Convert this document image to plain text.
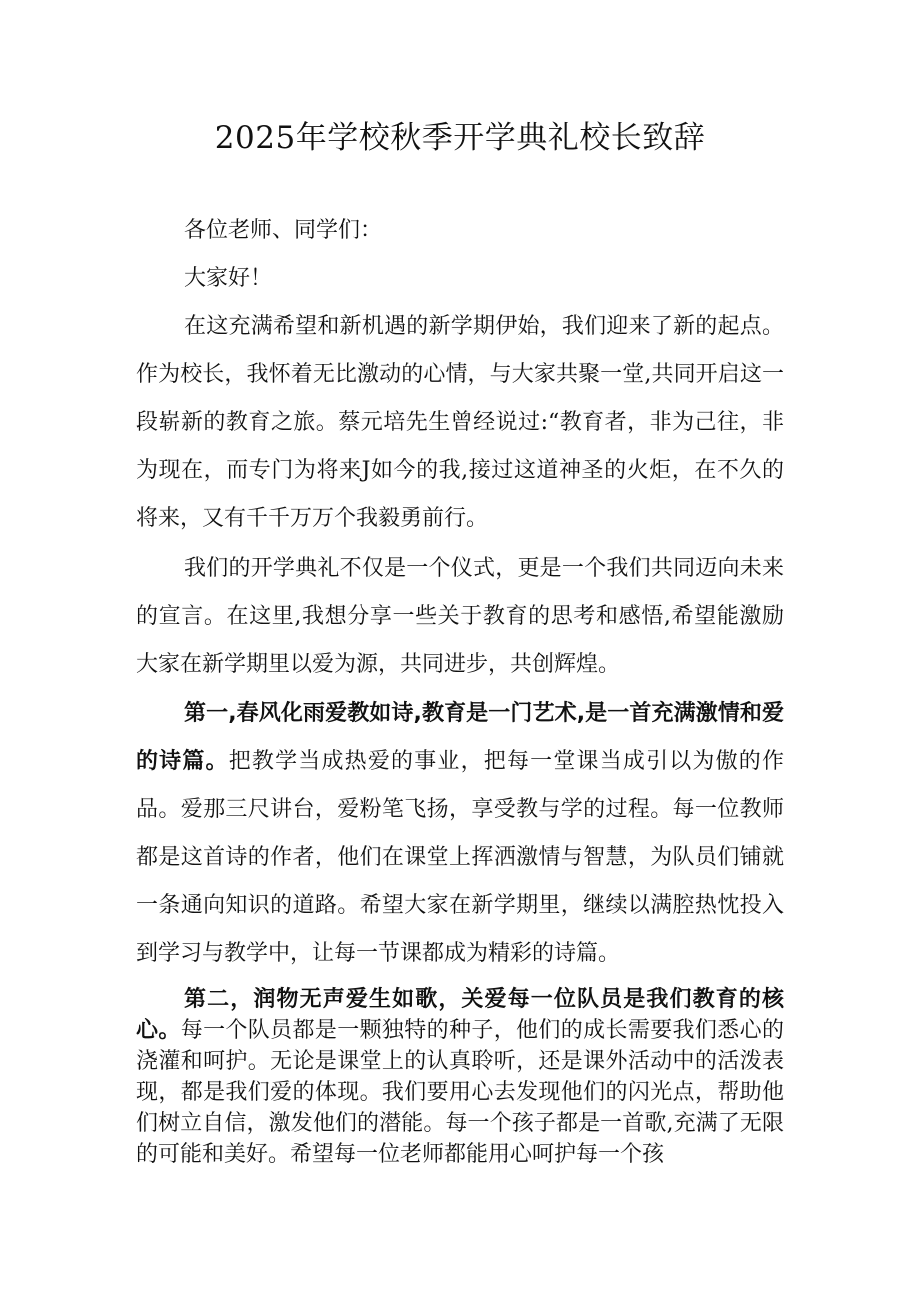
2025年学校秋季开学典礼校长致辞

各位老师、同学们：

大家好！

在这充满希望和新机遇的新学期伊始，我们迎来了新的起点。作为校长，我怀着无比激动的心情，与大家共聚一堂,共同开启这一段崭新的教育之旅。蔡元培先生曾经说过:“教育者，非为己往，非为现在，而专门为将来J如今的我,接过这道神圣的火炬，在不久的将来，又有千千万万个我毅勇前行。

我们的开学典礼不仅是一个仪式，更是一个我们共同迈向未来的宣言。在这里,我想分享一些关于教育的思考和感悟,希望能激励大家在新学期里以爱为源，共同进步，共创辉煌。

第一,春风化雨爱教如诗,教育是一门艺术,是一首充满激情和爱的诗篇。把教学当成热爱的事业，把每一堂课当成引以为傲的作品。爱那三尺讲台，爱粉笔飞扬，享受教与学的过程。每一位教师都是这首诗的作者，他们在课堂上挥洒激情与智慧，为队员们铺就一条通向知识的道路。希望大家在新学期里，继续以满腔热忱投入到学习与教学中，让每一节课都成为精彩的诗篇。

第二，润物无声爱生如歌，关爱每一位队员是我们教育的核心。每一个队员都是一颗独特的种子，他们的成长需要我们悉心的浇灌和呵护。无论是课堂上的认真聆听，还是课外活动中的活泼表现，都是我们爱的体现。我们要用心去发现他们的闪光点，帮助他们树立自信，激发他们的潜能。每一个孩子都是一首歌,充满了无限的可能和美好。希望每一位老师都能用心呵护每一个孩
